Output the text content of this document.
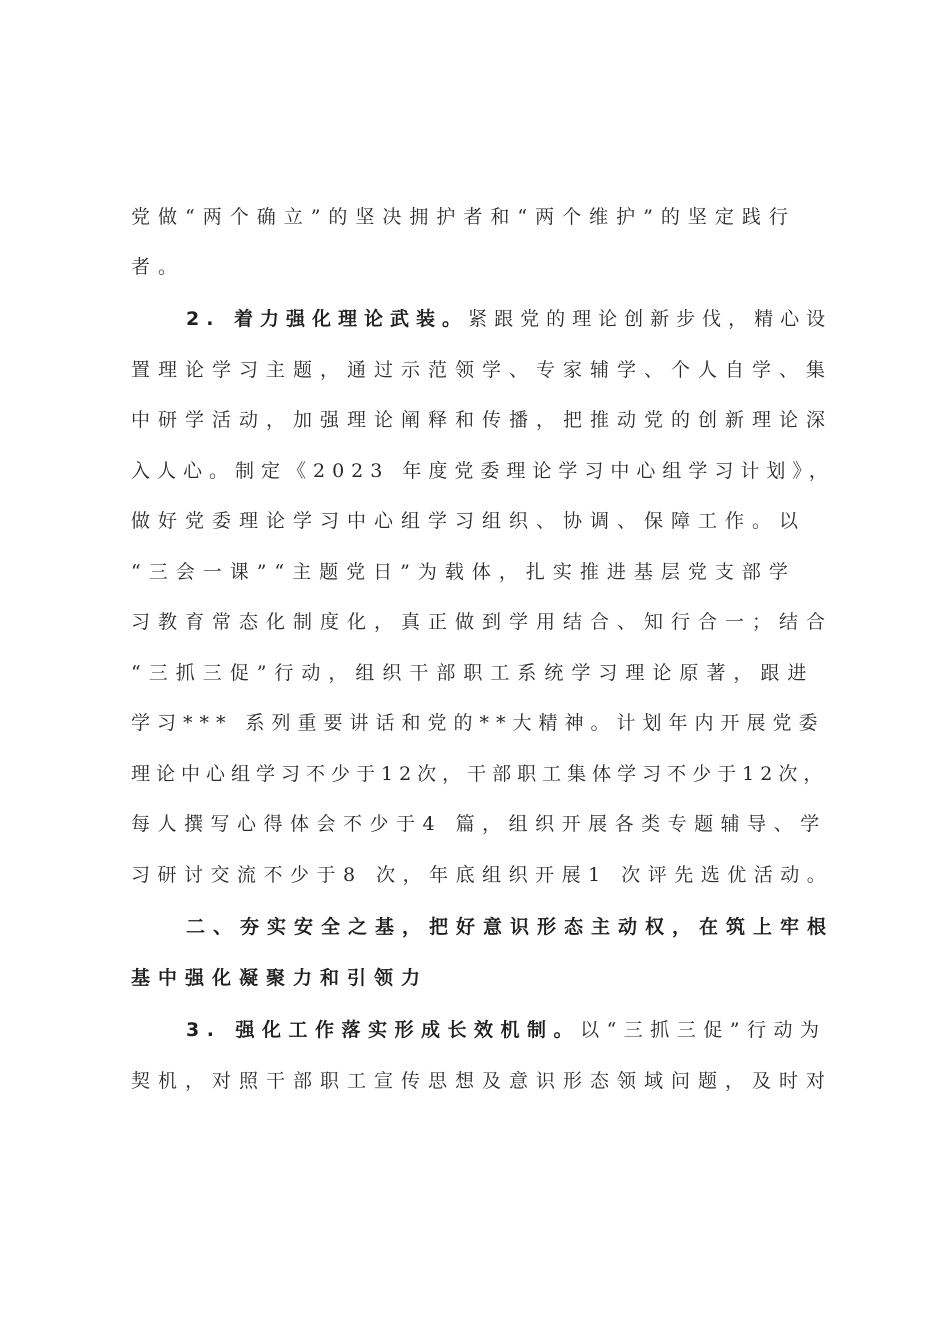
党做“两个确立”的坚决拥护者和“两个维护”的坚定践行
者。
2. 着力强化理论武装。紧跟党的理论创新步伐，精心设
置理论学习主题，通过示范领学、专家辅学、个人自学、集
中研学活动，加强理论阐释和传播，把推动党的创新理论深
入人心。制定《2023 年度党委理论学习中心组学习计划》，
做好党委理论学习中心组学习组织、协调、保障工作。以
“三会一课”“主题党日”为载体，扎实推进基层党支部学
习教育常态化制度化，真正做到学用结合、知行合一；结合
“三抓三促”行动，组织干部职工系统学习理论原著，跟进
学习*** 系列重要讲话和党的**大精神。计划年内开展党委
理论中心组学习不少于12次，干部职工集体学习不少于12次，
每人撰写心得体会不少于4 篇，组织开展各类专题辅导、学
习研讨交流不少于8 次，年底组织开展1 次评先选优活动。
二、夯实安全之基，把好意识形态主动权，在筑上牢根
基中强化凝聚力和引领力
3. 强化工作落实形成长效机制。以“三抓三促”行动为
契机，对照干部职工宣传思想及意识形态领域问题，及时对
